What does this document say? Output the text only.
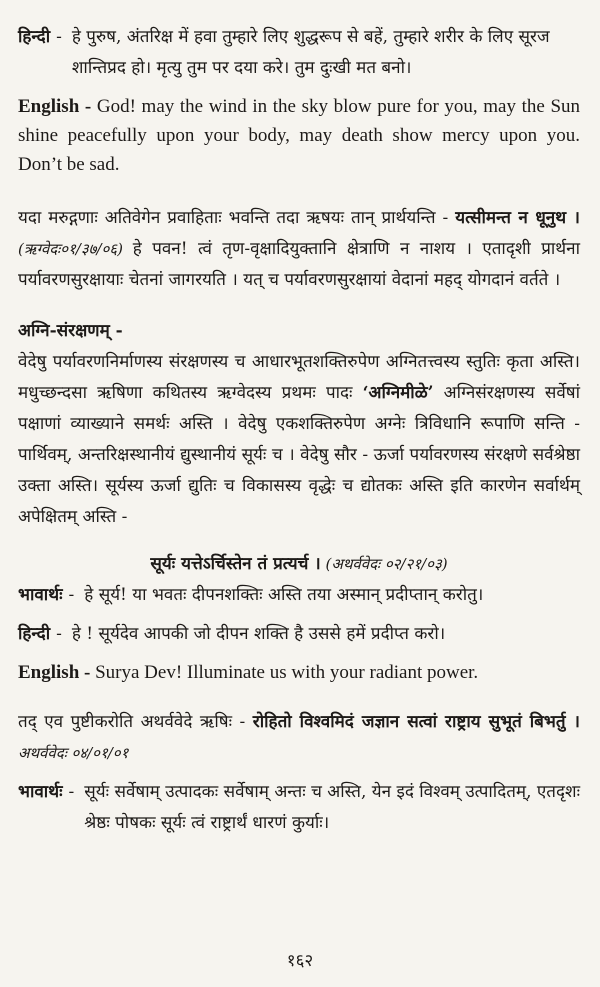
हिन्दी - हे पुरुष, अंतरिक्ष में हवा तुम्हारे लिए शुद्धरूप से बहें, तुम्हारे शरीर के लिए सूरज शान्तिप्रद हो। मृत्यु तुम पर दया करे। तुम दुःखी मत बनो।
English - God! may the wind in the sky blow pure for you, may the Sun shine peacefully upon your body, may death show mercy upon you. Don’t be sad.

यदा मरुद्गणाः अतिवेगेन प्रवाहिताः भवन्ति तदा ऋषयः तान् प्रार्थयन्ति - यत्सीमन्त न धूनुथ । (ऋग्वेदः०१/३७/०६) हे पवन! त्वं तृण-वृक्षादियुक्तानि क्षेत्राणि न नाशय । एतादृशी प्रार्थना पर्यावरणसुरक्षायाः चेतनां जागरयति । यत् च पर्यावरणसुरक्षायां वेदानां महद् योगदानं वर्तते ।

अग्नि-संरक्षणम् -

वेदेषु पर्यावरणनिर्माणस्य संरक्षणस्य च आधारभूतशक्तिरुपेण अग्नितत्त्वस्य स्तुतिः कृता अस्ति। मधुच्छन्दसा ऋषिणा कथितस्य ऋग्वेदस्य प्रथमः पादः ‘अग्निमीळे’ अग्निसंरक्षणस्य सर्वेषां पक्षाणां व्याख्याने समर्थः अस्ति । वेदेषु एकशक्तिरुपेण अग्नेः त्रिविधानि रूपाणि सन्ति - पार्थिवम्, अन्तरिक्षस्थानीयं द्युस्थानीयं सूर्यः च । वेदेषु सौर - ऊर्जा पर्यावरणस्य संरक्षणे सर्वश्रेष्ठा उक्ता अस्ति। सूर्यस्य ऊर्जा द्युतिः च विकासस्य वृद्धेः च द्योतकः अस्ति इति कारणेन सर्वार्थम् अपेक्षितम् अस्ति -

सूर्यः यत्तेऽर्चिस्तेन तं प्रत्यर्च । (अथर्ववेदः ०२/२१/०३)

भावार्थः - हे सूर्य! या भवतः दीपनशक्तिः अस्ति तया अस्मान् प्रदीप्तान् करोतु।
हिन्दी - हे ! सूर्यदेव आपकी जो दीपन शक्ति है उससे हमें प्रदीप्त करो।
English - Surya Dev! Illuminate us with your radiant power.

तद् एव पुष्टीकरोति अथर्ववेदे ऋषिः - रोहितो विश्वमिदं जज्ञान सत्वां राष्ट्राय सुभूतं बिभर्तु । अथर्ववेदः ०४/०१/०१

भावार्थः - सूर्यः सर्वेषाम् उत्पादकः सर्वेषाम् अन्तः च अस्ति, येन इदं विश्वम् उत्पादितम्, एतदृशः श्रेष्ठः पोषकः सूर्यः त्वं राष्ट्रार्थं धारणं कुर्याः।
१६२
